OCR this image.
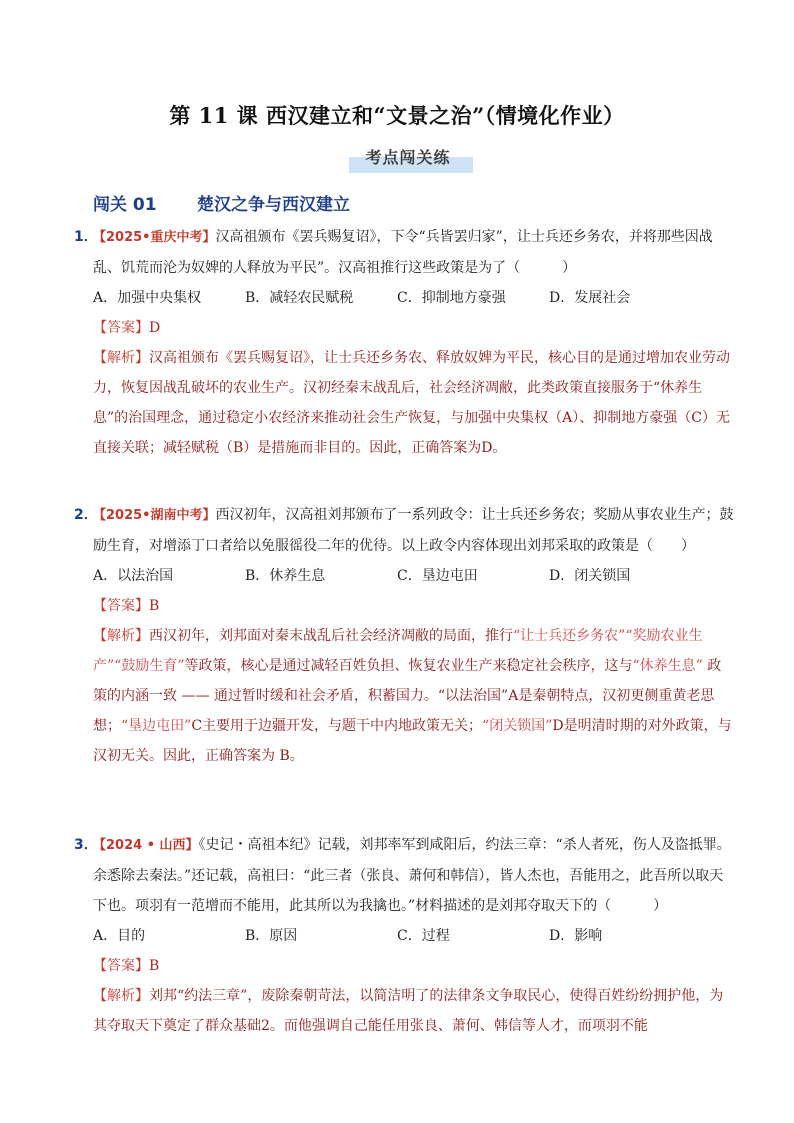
第 11 课 西汉建立和“文景之治”（情境化作业）
考点闯关练
闯关 01 楚汉之争与西汉建立
1．
【2025•重庆中考】汉高祖颁布《罢兵赐复诏》，下令“兵皆罢归家”，让士兵还乡务农，并将那些因战乱、饥荒而沦为奴婢的人释放为平民”。汉高祖推行这些政策是为了（　　　）
A．加强中央集权	B．减轻农民赋税	C．抑制地方豪强	D．发展社会
【答案】D
【解析】汉高祖颁布《罢兵赐复诏》，让士兵还乡务农、释放奴婢为平民，核心目的是通过增加农业劳动力，恢复因战乱破坏的农业生产。汉初经秦末战乱后，社会经济凋敝，此类政策直接服务于“休养生息”的治国理念，通过稳定小农经济来推动社会生产恢复，与加强中央集权（A）、抑制地方豪强（C）无直接关联；减轻赋税（B）是措施而非目的。因此，正确答案为D。
2．
【2025•湖南中考】西汉初年，汉高祖刘邦颁布了一系列政令：让士兵还乡务农；奖励从事农业生产；鼓励生育，对增添丁口者给以免服徭役二年的优待。以上政令内容体现出刘邦采取的政策是（　　）
A．以法治国	B．休养生息	C．垦边屯田	D．闭关锁国
【答案】B
【解析】西汉初年，刘邦面对秦末战乱后社会经济凋敝的局面，推行“让士兵还乡务农”“奖励农业生产”“鼓励生育”等政策，核心是通过减轻百姓负担、恢复农业生产来稳定社会秩序，这与“休养生息” 政策的内涵一致 —— 通过暂时缓和社会矛盾，积蓄国力。“以法治国”A是秦朝特点，汉初更侧重黄老思想；“垦边屯田”C主要用于边疆开发，与题干中内地政策无关；“闭关锁国”D是明清时期的对外政策，与汉初无关。因此，正确答案为 B。
3．
【2024 • 山西】《史记・高祖本纪》记载，刘邦率军到咸阳后，约法三章：“杀人者死，伤人及盗抵罪。余悉除去秦法。”还记载，高祖曰：“此三者（张良、萧何和韩信），皆人杰也，吾能用之，此吾所以取天下也。项羽有一范增而不能用，此其所以为我擒也。”材料描述的是刘邦夺取天下的（　　　）
A．目的	B．原因	C．过程	D．影响
【答案】B
【解析】刘邦“约法三章”，废除秦朝苛法，以简洁明了的法律条文争取民心，使得百姓纷纷拥护他，为其夺取天下奠定了群众基础2。而他强调自己能任用张良、萧何、韩信等人才，而项羽不能
